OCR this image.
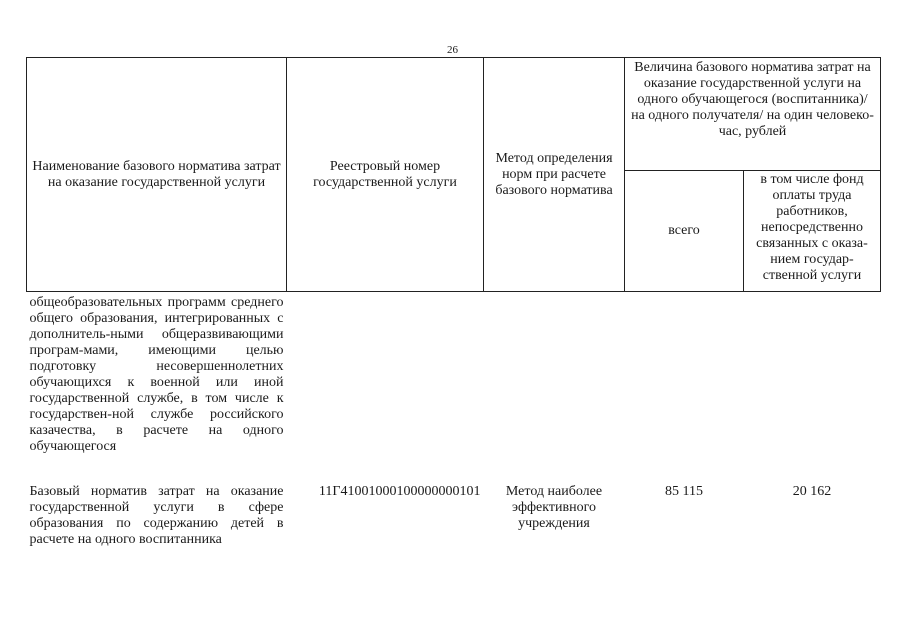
26
Наименование базового норматива затрат на оказание государственной услуги	Реестровый номер государственной услуги	Метод определения норм при расчете базового норматива	Величина базового норматива затрат на оказание государственной услуги на одного обучающегося (воспитанника)/ на одного получателя/ на один человеко-час, рублей	
			всего	в том числе фонд оплаты труда работников, непосредственно связанных с оказа-нием государ-ственной услуги
общеобразовательных программ среднего общего образования, интегрированных с дополнитель-ными общеразвивающими програм-мами, имеющими целью подготовку несовершеннолетних обучающихся к военной или иной государственной службе, в том числе к государствен-ной службе российского казачества, в расчете на одного обучающегося				
Базовый норматив затрат на оказание государственной услуги в сфере образования по содержанию детей в расчете на одного воспитанника	11Г41001000100000000101	Метод наиболее эффективного учреждения	85 115	20 162
